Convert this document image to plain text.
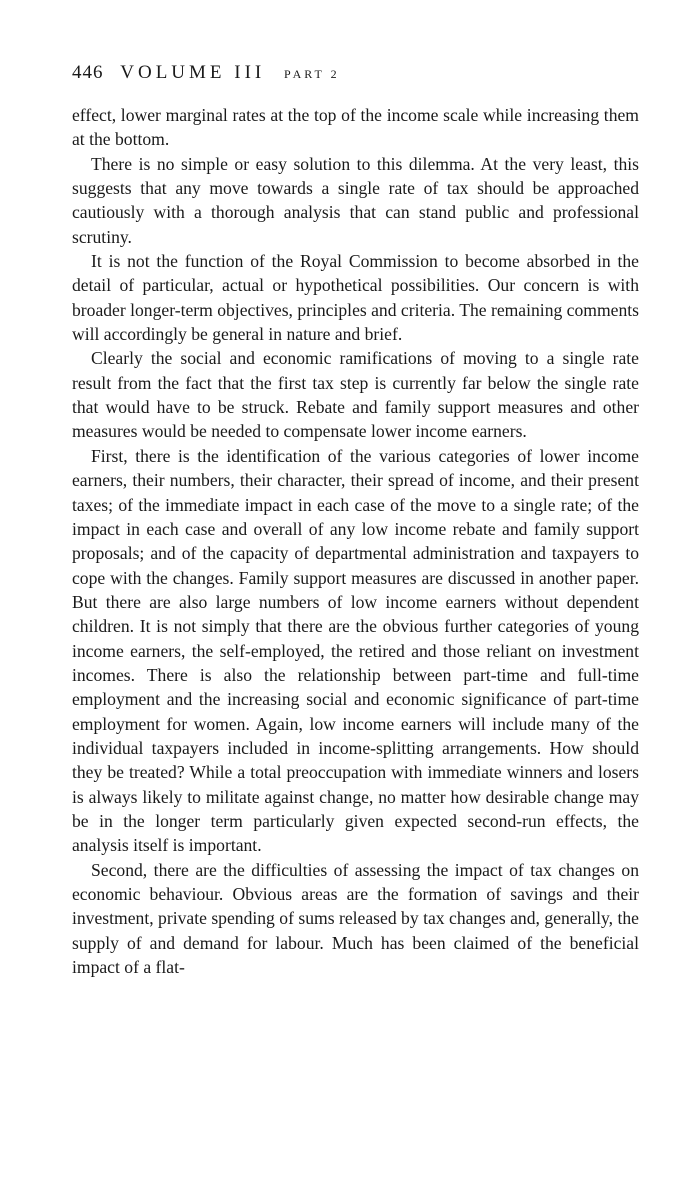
446 VOLUME III PART 2

effect, lower marginal rates at the top of the income scale while increasing them at the bottom.

There is no simple or easy solution to this dilemma. At the very least, this suggests that any move towards a single rate of tax should be approached cautiously with a thorough analysis that can stand public and professional scrutiny.

It is not the function of the Royal Commission to become absorbed in the detail of particular, actual or hypothetical possibilities. Our concern is with broader longer-term objectives, principles and criteria. The remaining comments will accordingly be general in nature and brief.

Clearly the social and economic ramifications of moving to a single rate result from the fact that the first tax step is currently far below the single rate that would have to be struck. Rebate and family support measures and other measures would be needed to compensate lower income earners.

First, there is the identification of the various categories of lower income earners, their numbers, their character, their spread of income, and their present taxes; of the immediate impact in each case of the move to a single rate; of the impact in each case and overall of any low income rebate and family support proposals; and of the capacity of departmental administration and taxpayers to cope with the changes. Family support measures are discussed in another paper. But there are also large numbers of low income earners without dependent children. It is not simply that there are the obvious further categories of young income earners, the self-employed, the retired and those reliant on investment incomes. There is also the relationship between part-time and full-time employment and the increasing social and economic significance of part-time employment for women. Again, low income earners will include many of the individual taxpayers included in income-splitting arrangements. How should they be treated? While a total preoccupation with immediate winners and losers is always likely to militate against change, no matter how desirable change may be in the longer term particularly given expected second-run effects, the analysis itself is important.

Second, there are the difficulties of assessing the impact of tax changes on economic behaviour. Obvious areas are the formation of savings and their investment, private spending of sums released by tax changes and, generally, the supply of and demand for labour. Much has been claimed of the beneficial impact of a flat-
